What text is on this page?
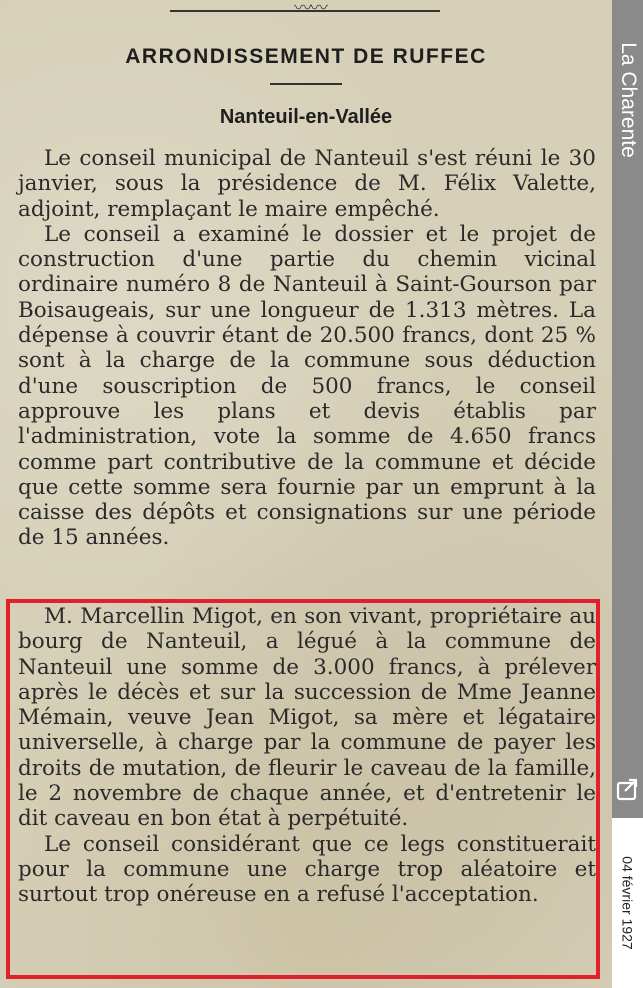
〰〰
ARRONDISSEMENT DE RUFFEC
Nanteuil-en-Vallée

Le conseil municipal de Nanteuil s'est réuni le 30 janvier, sous la présidence de M. Félix Valette, adjoint, remplaçant le maire empêché.

Le conseil a examiné le dossier et le projet de construction d'une partie du chemin vicinal ordinaire numéro 8 de Nanteuil à Saint-Gourson par Boisaugeais, sur une longueur de 1.313 mètres. La dépense à couvrir étant de 20.500 francs, dont 25 % sont à la charge de la commune sous déduction d'une souscription de 500 francs, le conseil approuve les plans et devis établis par l'administration, vote la somme de 4.650 francs comme part contributive de la commune et décide que cette somme sera fournie par un emprunt à la caisse des dépôts et consignations sur une période de 15 années.

M. Marcellin Migot, en son vivant, propriétaire au bourg de Nanteuil, a légué à la commune de Nanteuil une somme de 3.000 francs, à prélever après le décès et sur la succession de Mme Jeanne Mémain, veuve Jean Migot, sa mère et légataire universelle, à charge par la commune de payer les droits de mutation, de fleurir le caveau de la famille, le 2 novembre de chaque année, et d'entretenir le dit caveau en bon état à perpétuité.

Le conseil considérant que ce legs constituerait pour la commune une charge trop aléatoire et surtout trop onéreuse en a refusé l'acceptation.

La Charente
04 février 1927
